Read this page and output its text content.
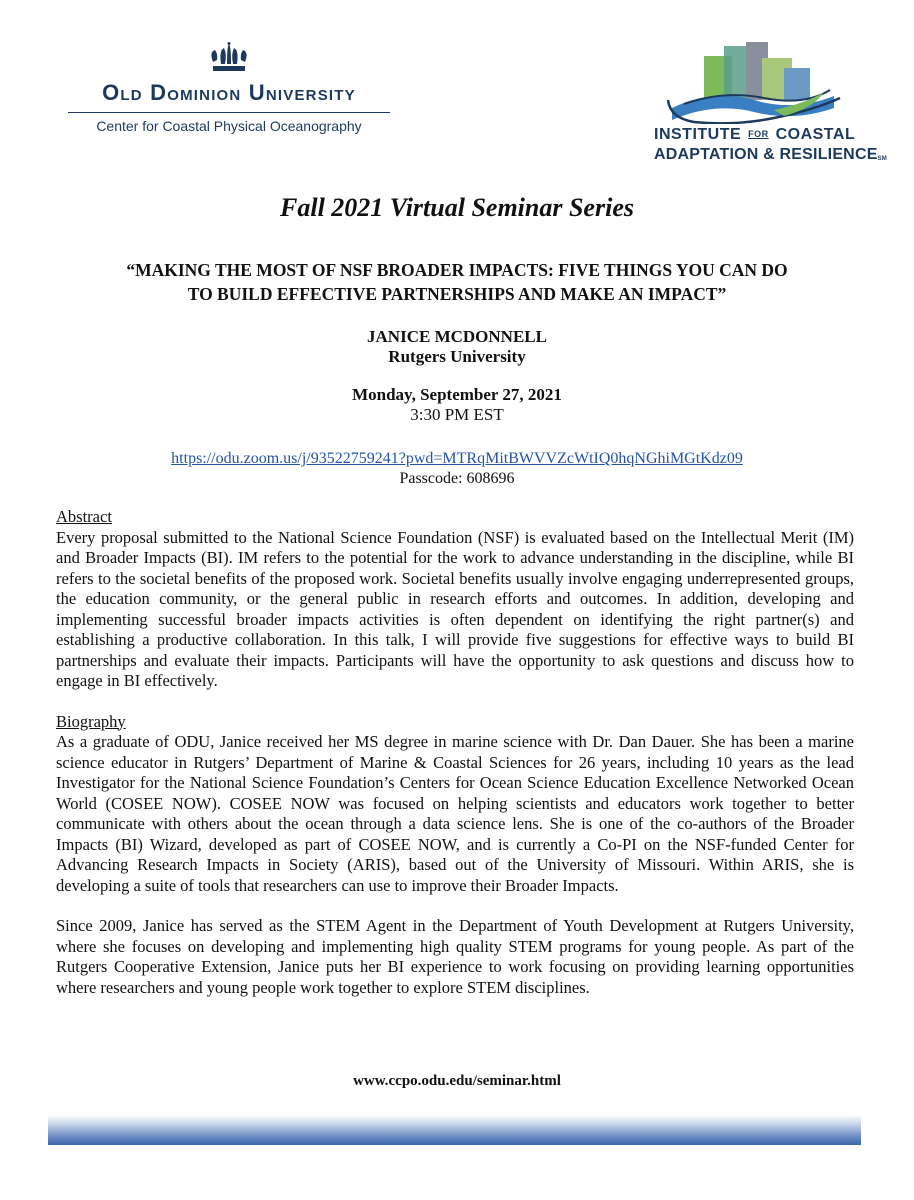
Old Dominion University
Center for Coastal Physical Oceanography	INSTITUTE FOR COASTAL
ADAPTATION & RESILIENCESM
Fall 2021 Virtual Seminar Series
“MAKING THE MOST OF NSF BROADER IMPACTS: FIVE THINGS YOU CAN DO
TO BUILD EFFECTIVE PARTNERSHIPS AND MAKE AN IMPACT”
JANICE MCDONNELL
Rutgers University
Monday, September 27, 2021
3:30 PM EST
https://odu.zoom.us/j/93522759241?pwd=MTRqMitBWVVZcWtIQ0hqNGhiMGtKdz09
Passcode: 608696
Abstract

Every proposal submitted to the National Science Foundation (NSF) is evaluated based on the Intellectual Merit (IM) and Broader Impacts (BI). IM refers to the potential for the work to advance understanding in the discipline, while BI refers to the societal benefits of the proposed work. Societal benefits usually involve engaging underrepresented groups, the education community, or the general public in research efforts and outcomes. In addition, developing and implementing successful broader impacts activities is often dependent on identifying the right partner(s) and establishing a productive collaboration. In this talk, I will provide five suggestions for effective ways to build BI partnerships and evaluate their impacts. Participants will have the opportunity to ask questions and discuss how to engage in BI effectively.

Biography

As a graduate of ODU, Janice received her MS degree in marine science with Dr. Dan Dauer. She has been a marine science educator in Rutgers’ Department of Marine & Coastal Sciences for 26 years, including 10 years as the lead Investigator for the National Science Foundation’s Centers for Ocean Science Education Excellence Networked Ocean World (COSEE NOW). COSEE NOW was focused on helping scientists and educators work together to better communicate with others about the ocean through a data science lens. She is one of the co-authors of the Broader Impacts (BI) Wizard, developed as part of COSEE NOW, and is currently a Co-PI on the NSF-funded Center for Advancing Research Impacts in Society (ARIS), based out of the University of Missouri. Within ARIS, she is developing a suite of tools that researchers can use to improve their Broader Impacts.

Since 2009, Janice has served as the STEM Agent in the Department of Youth Development at Rutgers University, where she focuses on developing and implementing high quality STEM programs for young people. As part of the Rutgers Cooperative Extension, Janice puts her BI experience to work focusing on providing learning opportunities where researchers and young people work together to explore STEM disciplines.

www.ccpo.odu.edu/seminar.html
